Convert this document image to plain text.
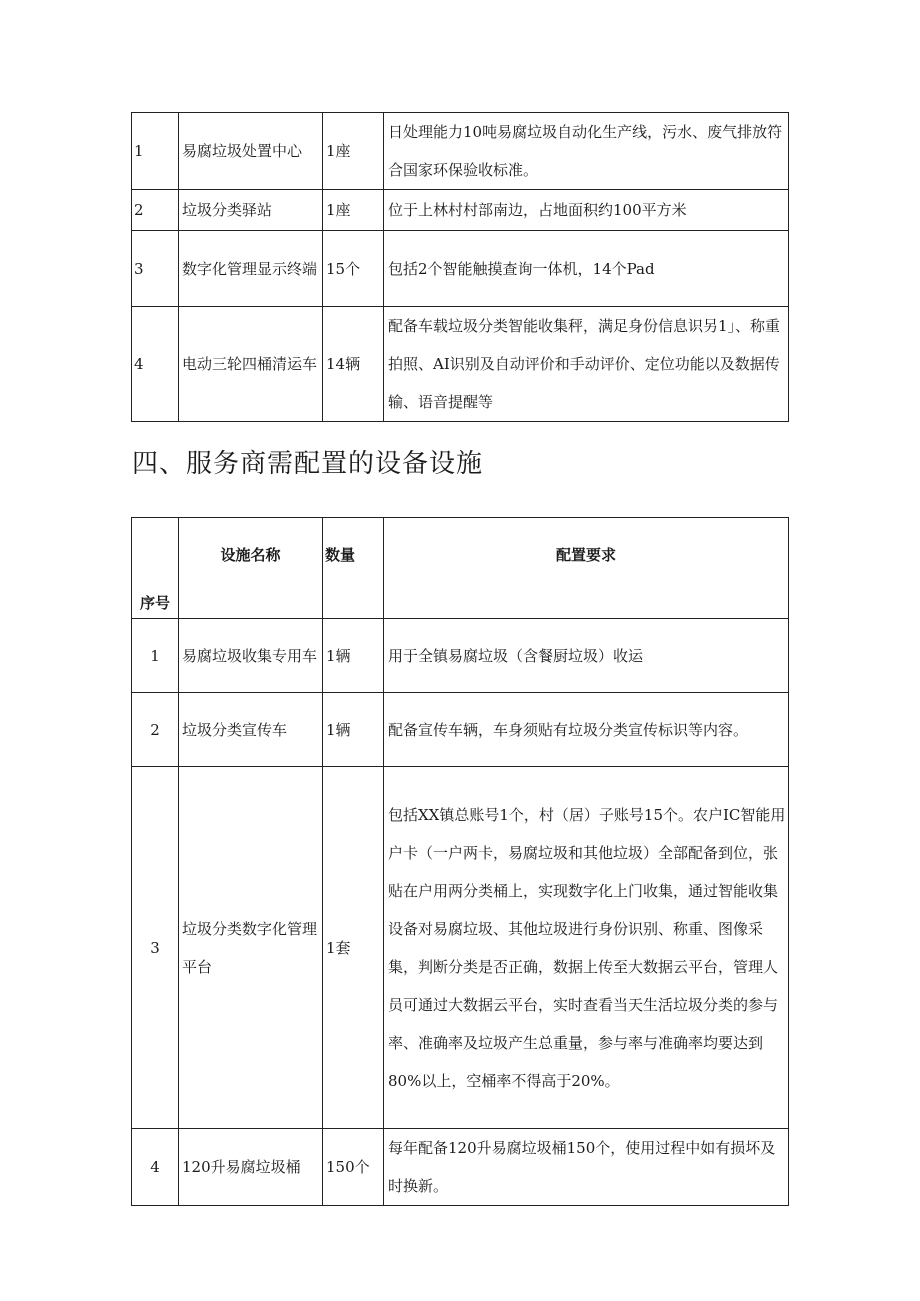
1	易腐垃圾处置中心	1座	日处理能力10吨易腐垃圾自动化生产线，污水、废气排放符合国家环保验收标准。
2	垃圾分类驿站	1座	位于上林村村部南边，占地面积约100平方米
3	数字化管理显示终端	15个	包括2个智能触摸查询一体机，14个Pad
4	电动三轮四桶清运车	14辆	配备车载垃圾分类智能收集秤，满足身份信息识另1」、称重拍照、AI识别及自动评价和手动评价、定位功能以及数据传输、语音提醒等
四、服务商需配置的设备设施
序号	设施名称	数量	配置要求
1	易腐垃圾收集专用车	1辆	用于全镇易腐垃圾（含餐厨垃圾）收运
2	垃圾分类宣传车	1辆	配备宣传车辆，车身须贴有垃圾分类宣传标识等内容。
3	垃圾分类数字化管理平台	1套	包括XX镇总账号1个，村（居）子账号15个。农户IC智能用户卡（一户两卡，易腐垃圾和其他垃圾）全部配备到位，张贴在户用两分类桶上，实现数字化上门收集，通过智能收集设备对易腐垃圾、其他垃圾进行身份识别、称重、图像采集，判断分类是否正确，数据上传至大数据云平台，管理人员可通过大数据云平台，实时查看当天生活垃圾分类的参与率、准确率及垃圾产生总重量，参与率与准确率均要达到80%以上，空桶率不得高于20%。
4	120升易腐垃圾桶	150个	每年配备120升易腐垃圾桶150个，使用过程中如有损坏及时换新。
